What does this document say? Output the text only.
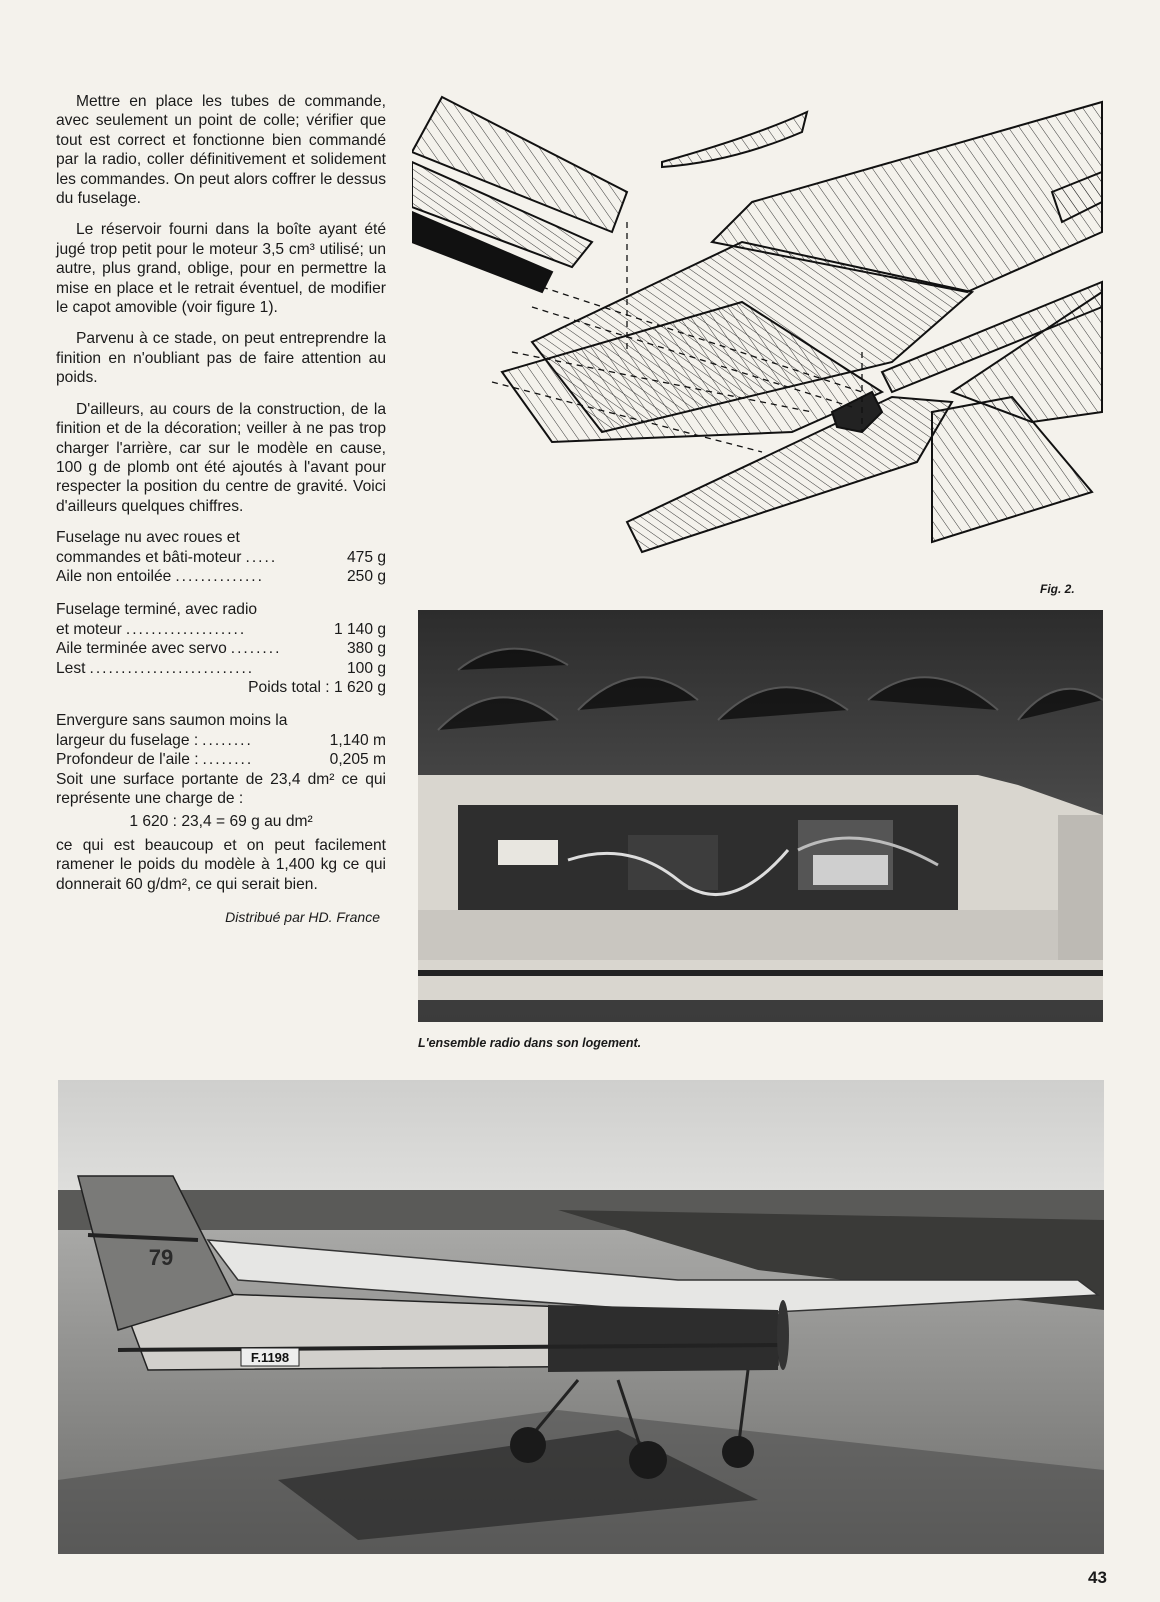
Mettre en place les tubes de commande, avec seulement un point de colle; vérifier que tout est correct et fonctionne bien commandé par la radio, coller définitivement et solidement les commandes. On peut alors coffrer le dessus du fuselage.

Le réservoir fourni dans la boîte ayant été jugé trop petit pour le moteur 3,5 cm³ utilisé; un autre, plus grand, oblige, pour en permettre la mise en place et le retrait éventuel, de modifier le capot amovible (voir figure 1).

Parvenu à ce stade, on peut entreprendre la finition en n'oubliant pas de faire attention au poids.

D'ailleurs, au cours de la construction, de la finition et de la décoration; veiller à ne pas trop charger l'arrière, car sur le modèle en cause, 100 g de plomb ont été ajoutés à l'avant pour respecter la position du centre de gravité. Voici d'ailleurs quelques chiffres.

Fuselage nu avec roues et
commandes et bâti-moteur .....	475 g
Aile non entoilée ..............	250 g
Fuselage terminé, avec radio
et moteur ...................	1 140 g
Aile terminée avec servo ........	380 g
Lest ..........................	100 g
Poids total : 1 620 g

Envergure sans saumon moins la

largeur du fuselage : ........	1,140 m
Profondeur de l'aile : ........	0,205 m

Soit une surface portante de 23,4 dm² ce qui représente une charge de :

1 620 : 23,4 = 69 g au dm²

ce qui est beaucoup et on peut facilement ramener le poids du modèle à 1,400 kg ce qui donnerait 60 g/dm², ce qui serait bien.

Distribué par HD. France
Fig. 2.
L'ensemble radio dans son logement.
F.1198
79
43
